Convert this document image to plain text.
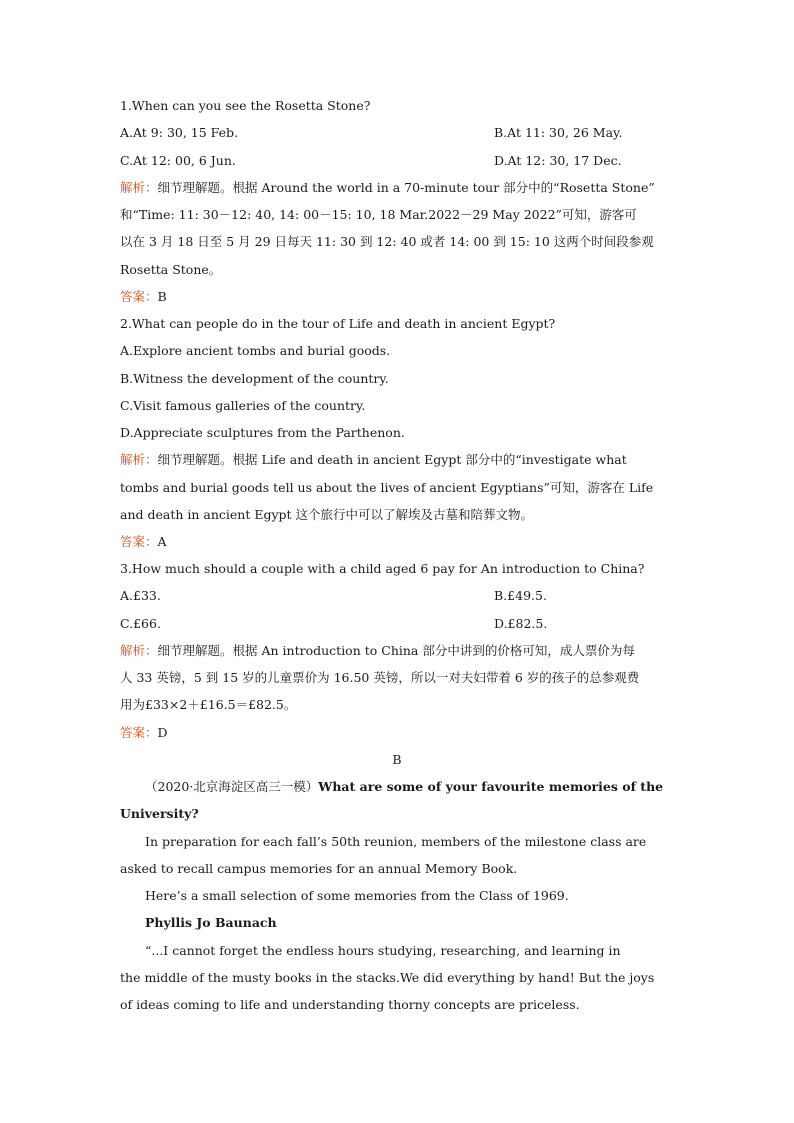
1.When can you see the Rosetta Stone?
A.At 9: 30, 15 Feb.	B.At 11: 30, 26 May.
C.At 12: 00, 6 Jun.	D.At 12: 30, 17 Dec.
解析：细节理解题。根据 Around the world in a 70-minute tour 部分中的“Rosetta Stone”
和“Time: 11: 30－12: 40, 14: 00－15: 10, 18 Mar.2022－29 May 2022”可知，游客可
以在 3 月 18 日至 5 月 29 日每天 11: 30 到 12: 40 或者 14: 00 到 15: 10 这两个时间段参观
Rosetta Stone。
答案：B
2.What can people do in the tour of Life and death in ancient Egypt?
A.Explore ancient tombs and burial goods.
B.Witness the development of the country.
C.Visit famous galleries of the country.
D.Appreciate sculptures from the Parthenon.
解析：细节理解题。根据 Life and death in ancient Egypt 部分中的“investigate what
tombs and burial goods tell us about the lives of ancient Egyptians”可知，游客在 Life
and death in ancient Egypt 这个旅行中可以了解埃及古墓和陪葬文物。
答案：A
3.How much should a couple with a child aged 6 pay for An introduction to China?
A.£33.	B.£49.5.
C.£66.	D.£82.5.
解析：细节理解题。根据 An introduction to China 部分中讲到的价格可知，成人票价为每
人 33 英镑，5 到 15 岁的儿童票价为 16.50 英镑，所以一对夫妇带着 6 岁的孩子的总参观费
用为£33×2＋£16.5＝£82.5。
答案：D
B
（2020·北京海淀区高三一模）What are some of your favourite memories of the
University?
In preparation for each fall’s 50th reunion, members of the milestone class are
asked to recall campus memories for an annual Memory Book.
Here’s a small selection of some memories from the Class of 1969.
Phyllis Jo Baunach
“...I cannot forget the endless hours studying, researching, and learning in
the middle of the musty books in the stacks.We did everything by hand! But the joys
of ideas coming to life and understanding thorny concepts are priceless.
